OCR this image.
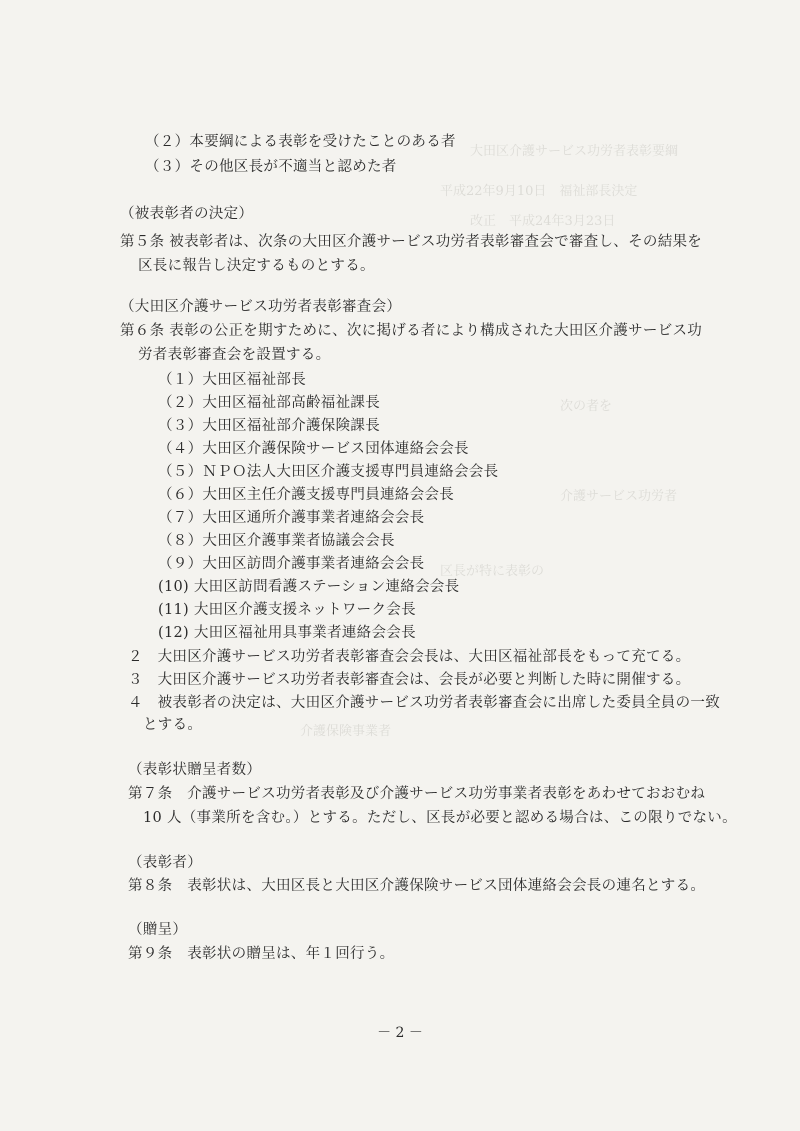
大田区介護サービス功労者表彰要綱
平成22年9月10日　福祉部長決定
改正　平成24年3月23日
次の者を
介護サービス功労者
区長が特に表彰の
介護保険事業者
（２）本要綱による表彰を受けたことのある者
（３）その他区長が不適当と認めた者
（被表彰者の決定）
第５条 被表彰者は、次条の大田区介護サービス功労者表彰審査会で審査し、その結果を
区長に報告し決定するものとする。
（大田区介護サービス功労者表彰審査会）
第６条 表彰の公正を期すために、次に掲げる者により構成された大田区介護サービス功
労者表彰審査会を設置する。
（１）大田区福祉部長
（２）大田区福祉部高齢福祉課長
（３）大田区福祉部介護保険課長
（４）大田区介護保険サービス団体連絡会会長
（５）ＮＰＯ法人大田区介護支援専門員連絡会会長
（６）大田区主任介護支援専門員連絡会会長
（７）大田区通所介護事業者連絡会会長
（８）大田区介護事業者協議会会長
（９）大田区訪問介護事業者連絡会会長
(10) 大田区訪問看護ステーション連絡会会長
(11) 大田区介護支援ネットワーク会長
(12) 大田区福祉用具事業者連絡会会長
２　大田区介護サービス功労者表彰審査会会長は、大田区福祉部長をもって充てる。
３　大田区介護サービス功労者表彰審査会は、会長が必要と判断した時に開催する。
４　被表彰者の決定は、大田区介護サービス功労者表彰審査会に出席した委員全員の一致
とする。
（表彰状贈呈者数）
第７条　介護サービス功労者表彰及び介護サービス功労事業者表彰をあわせておおむね
10 人（事業所を含む。）とする。ただし、区長が必要と認める場合は、この限りでない。
（表彰者）
第８条　表彰状は、大田区長と大田区介護保険サービス団体連絡会会長の連名とする。
（贈呈）
第９条　表彰状の贈呈は、年１回行う。
－ 2 －
